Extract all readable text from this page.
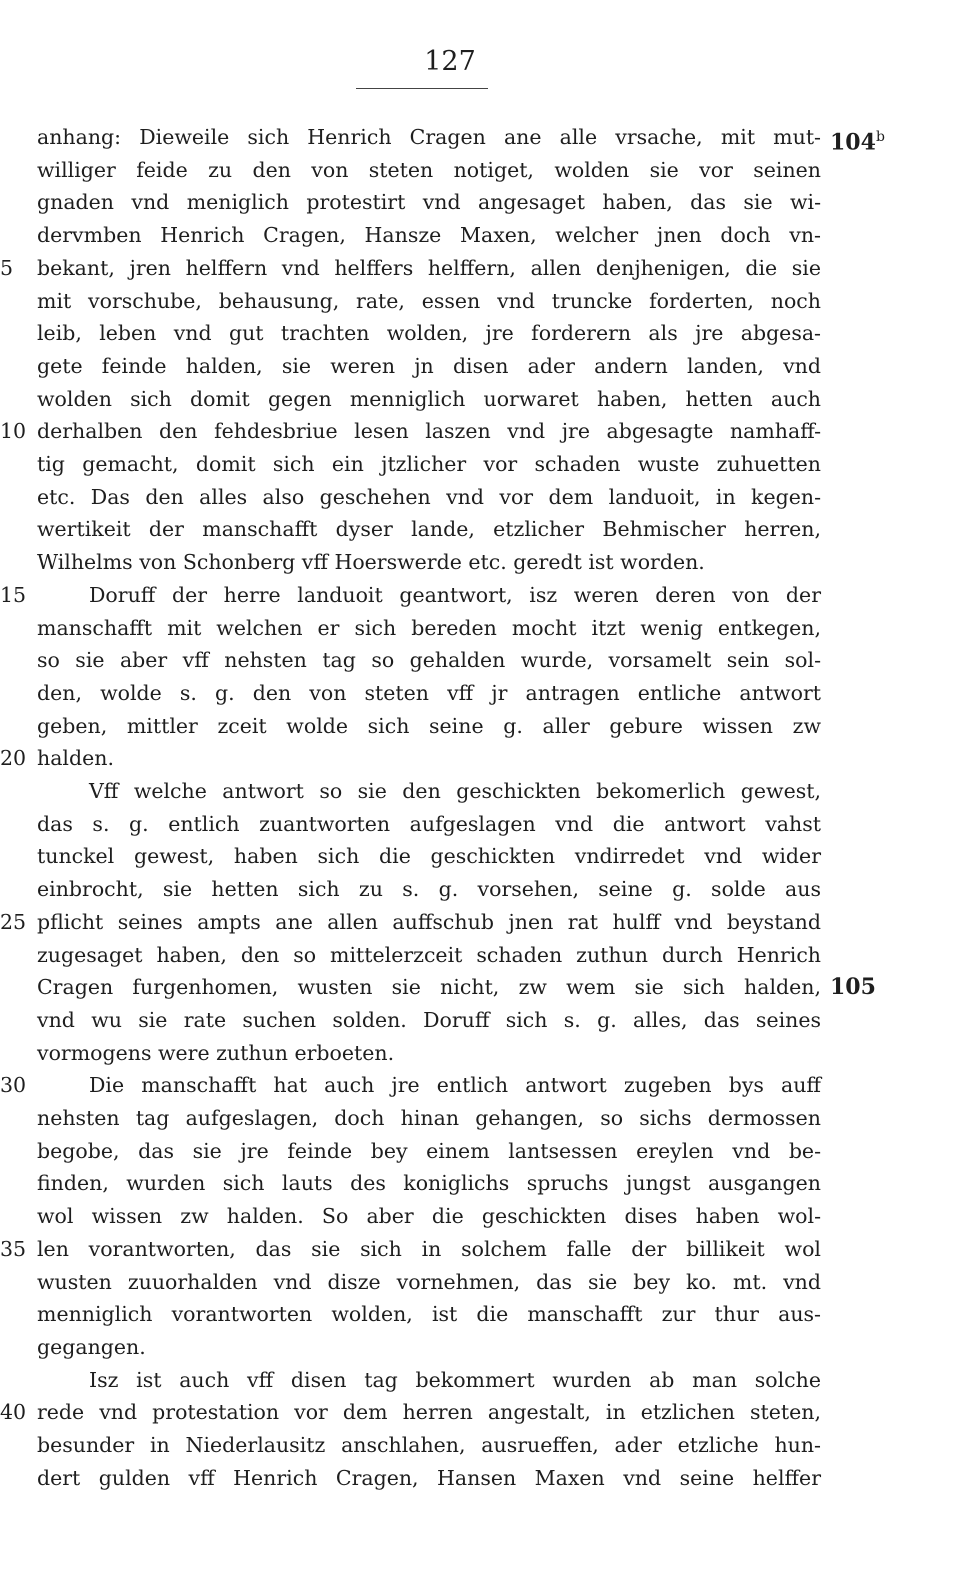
127
anhang: Dieweile sich Henrich Cragen ane alle vrsache, mit mut-
williger feide zu den von steten notiget, wolden sie vor seinen
gnaden vnd meniglich protestirt vnd angesaget haben, das sie wi-
dervmben Henrich Cragen, Hansze Maxen, welcher jnen doch vn-
bekant, jren helffern vnd helffers helffern, allen denjhenigen, die sie
mit vorschube, behausung, rate, essen vnd truncke forderten, noch
leib, leben vnd gut trachten wolden, jre forderern als jre abgesa-
gete feinde halden, sie weren jn disen ader andern landen, vnd
wolden sich domit gegen menniglich uorwaret haben, hetten auch
derhalben den fehdesbriue lesen laszen vnd jre abgesagte namhaff-
tig gemacht, domit sich ein jtzlicher vor schaden wuste zuhuetten
etc. Das den alles also geschehen vnd vor dem landuoit, in kegen-
wertikeit der manschafft dyser lande, etzlicher Behmischer herren,
Wilhelms von Schonberg vff Hoerswerde etc. geredt ist worden.
Doruff der herre landuoit geantwort, isz weren deren von der
manschafft mit welchen er sich bereden mocht itzt wenig entkegen,
so sie aber vff nehsten tag so gehalden wurde, vorsamelt sein sol-
den, wolde s. g. den von steten vff jr antragen entliche antwort
geben, mittler zceit wolde sich seine g. aller gebure wissen zw
halden.
Vff welche antwort so sie den geschickten bekomerlich gewest,
das s. g. entlich zuantworten aufgeslagen vnd die antwort vahst
tunckel gewest, haben sich die geschickten vndirredet vnd wider
einbrocht, sie hetten sich zu s. g. vorsehen, seine g. solde aus
pflicht seines ampts ane allen auffschub jnen rat hulff vnd beystand
zugesaget haben, den so mittelerzceit schaden zuthun durch Henrich
Cragen furgenhomen, wusten sie nicht, zw wem sie sich halden,
vnd wu sie rate suchen solden. Doruff sich s. g. alles, das seines
vormogens were zuthun erboeten.
Die manschafft hat auch jre entlich antwort zugeben bys auff
nehsten tag aufgeslagen, doch hinan gehangen, so sichs dermossen
begobe, das sie jre feinde bey einem lantsessen ereylen vnd be-
finden, wurden sich lauts des koniglichs spruchs jungst ausgangen
wol wissen zw halden. So aber die geschickten dises haben wol-
len vorantworten, das sie sich in solchem falle der billikeit wol
wusten zuuorhalden vnd disze vornehmen, das sie bey ko. mt. vnd
menniglich vorantworten wolden, ist die manschafft zur thur aus-
gegangen.
Isz ist auch vff disen tag bekommert wurden ab man solche
rede vnd protestation vor dem herren angestalt, in etzlichen steten,
besunder in Niederlausitz anschlahen, ausrueffen, ader etzliche hun-
dert gulden vff Henrich Cragen, Hansen Maxen vnd seine helffer
5
10
15
20
25
30
35
40
104$^b$
105
